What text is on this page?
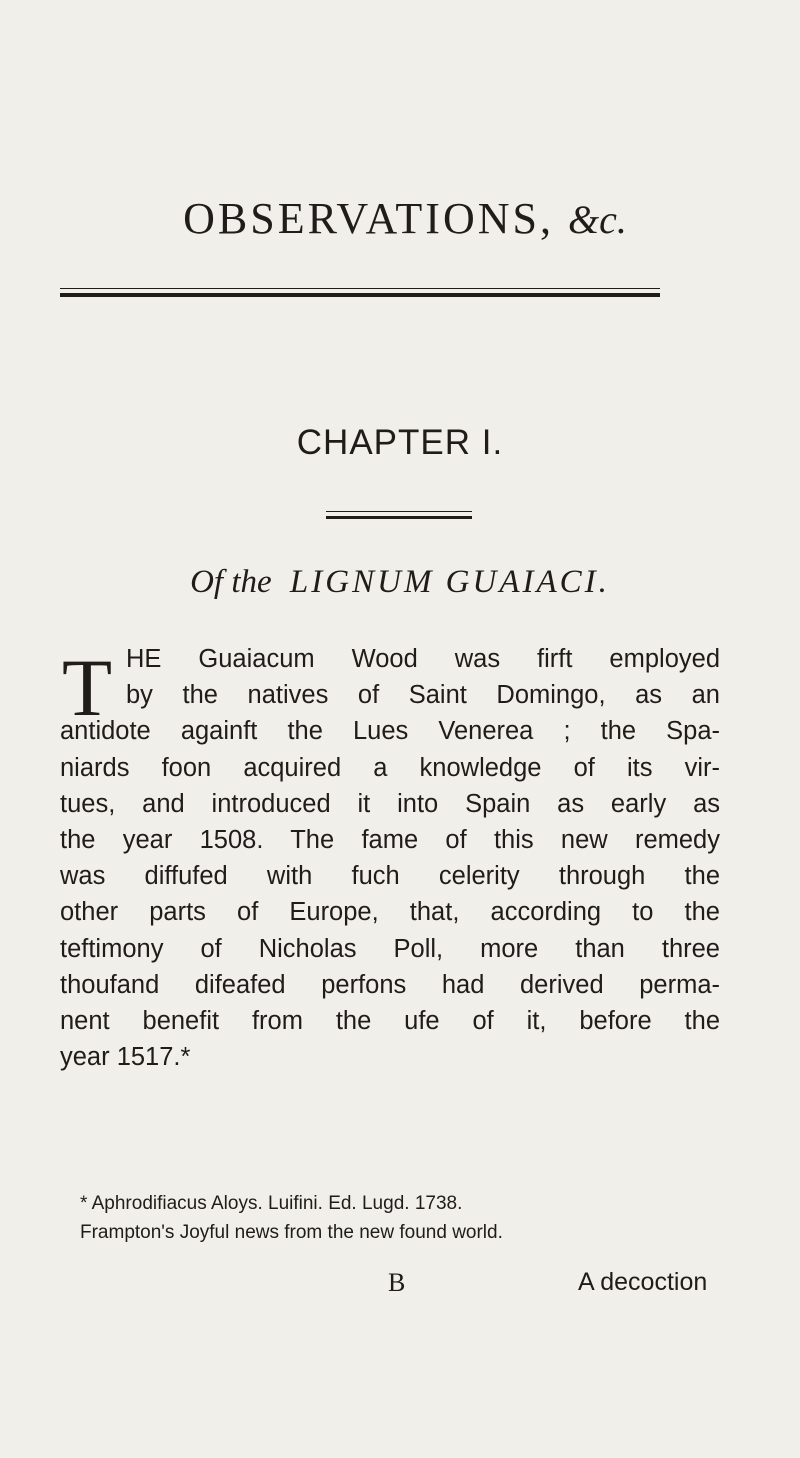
OBSERVATIONS, &c.
CHAPTER I.
Of the LIGNUM GUAIACI.
T HE Guaiacum Wood was firft employed
by the natives of Saint Domingo, as an
antidote againft the Lues Venerea ; the Spa-
niards foon acquired a knowledge of its vir-
tues, and introduced it into Spain as early as
the year 1508. The fame of this new remedy
was diffufed with fuch celerity through the
other parts of Europe, that, according to the
teftimony of Nicholas Poll, more than three
thoufand difeafed perfons had derived perma-
nent benefit from the ufe of it, before the
year 1517.*
* Aphrodifiacus Aloys. Luifini. Ed. Lugd. 1738.
Frampton's Joyful news from the new found world.
B	A decoction
